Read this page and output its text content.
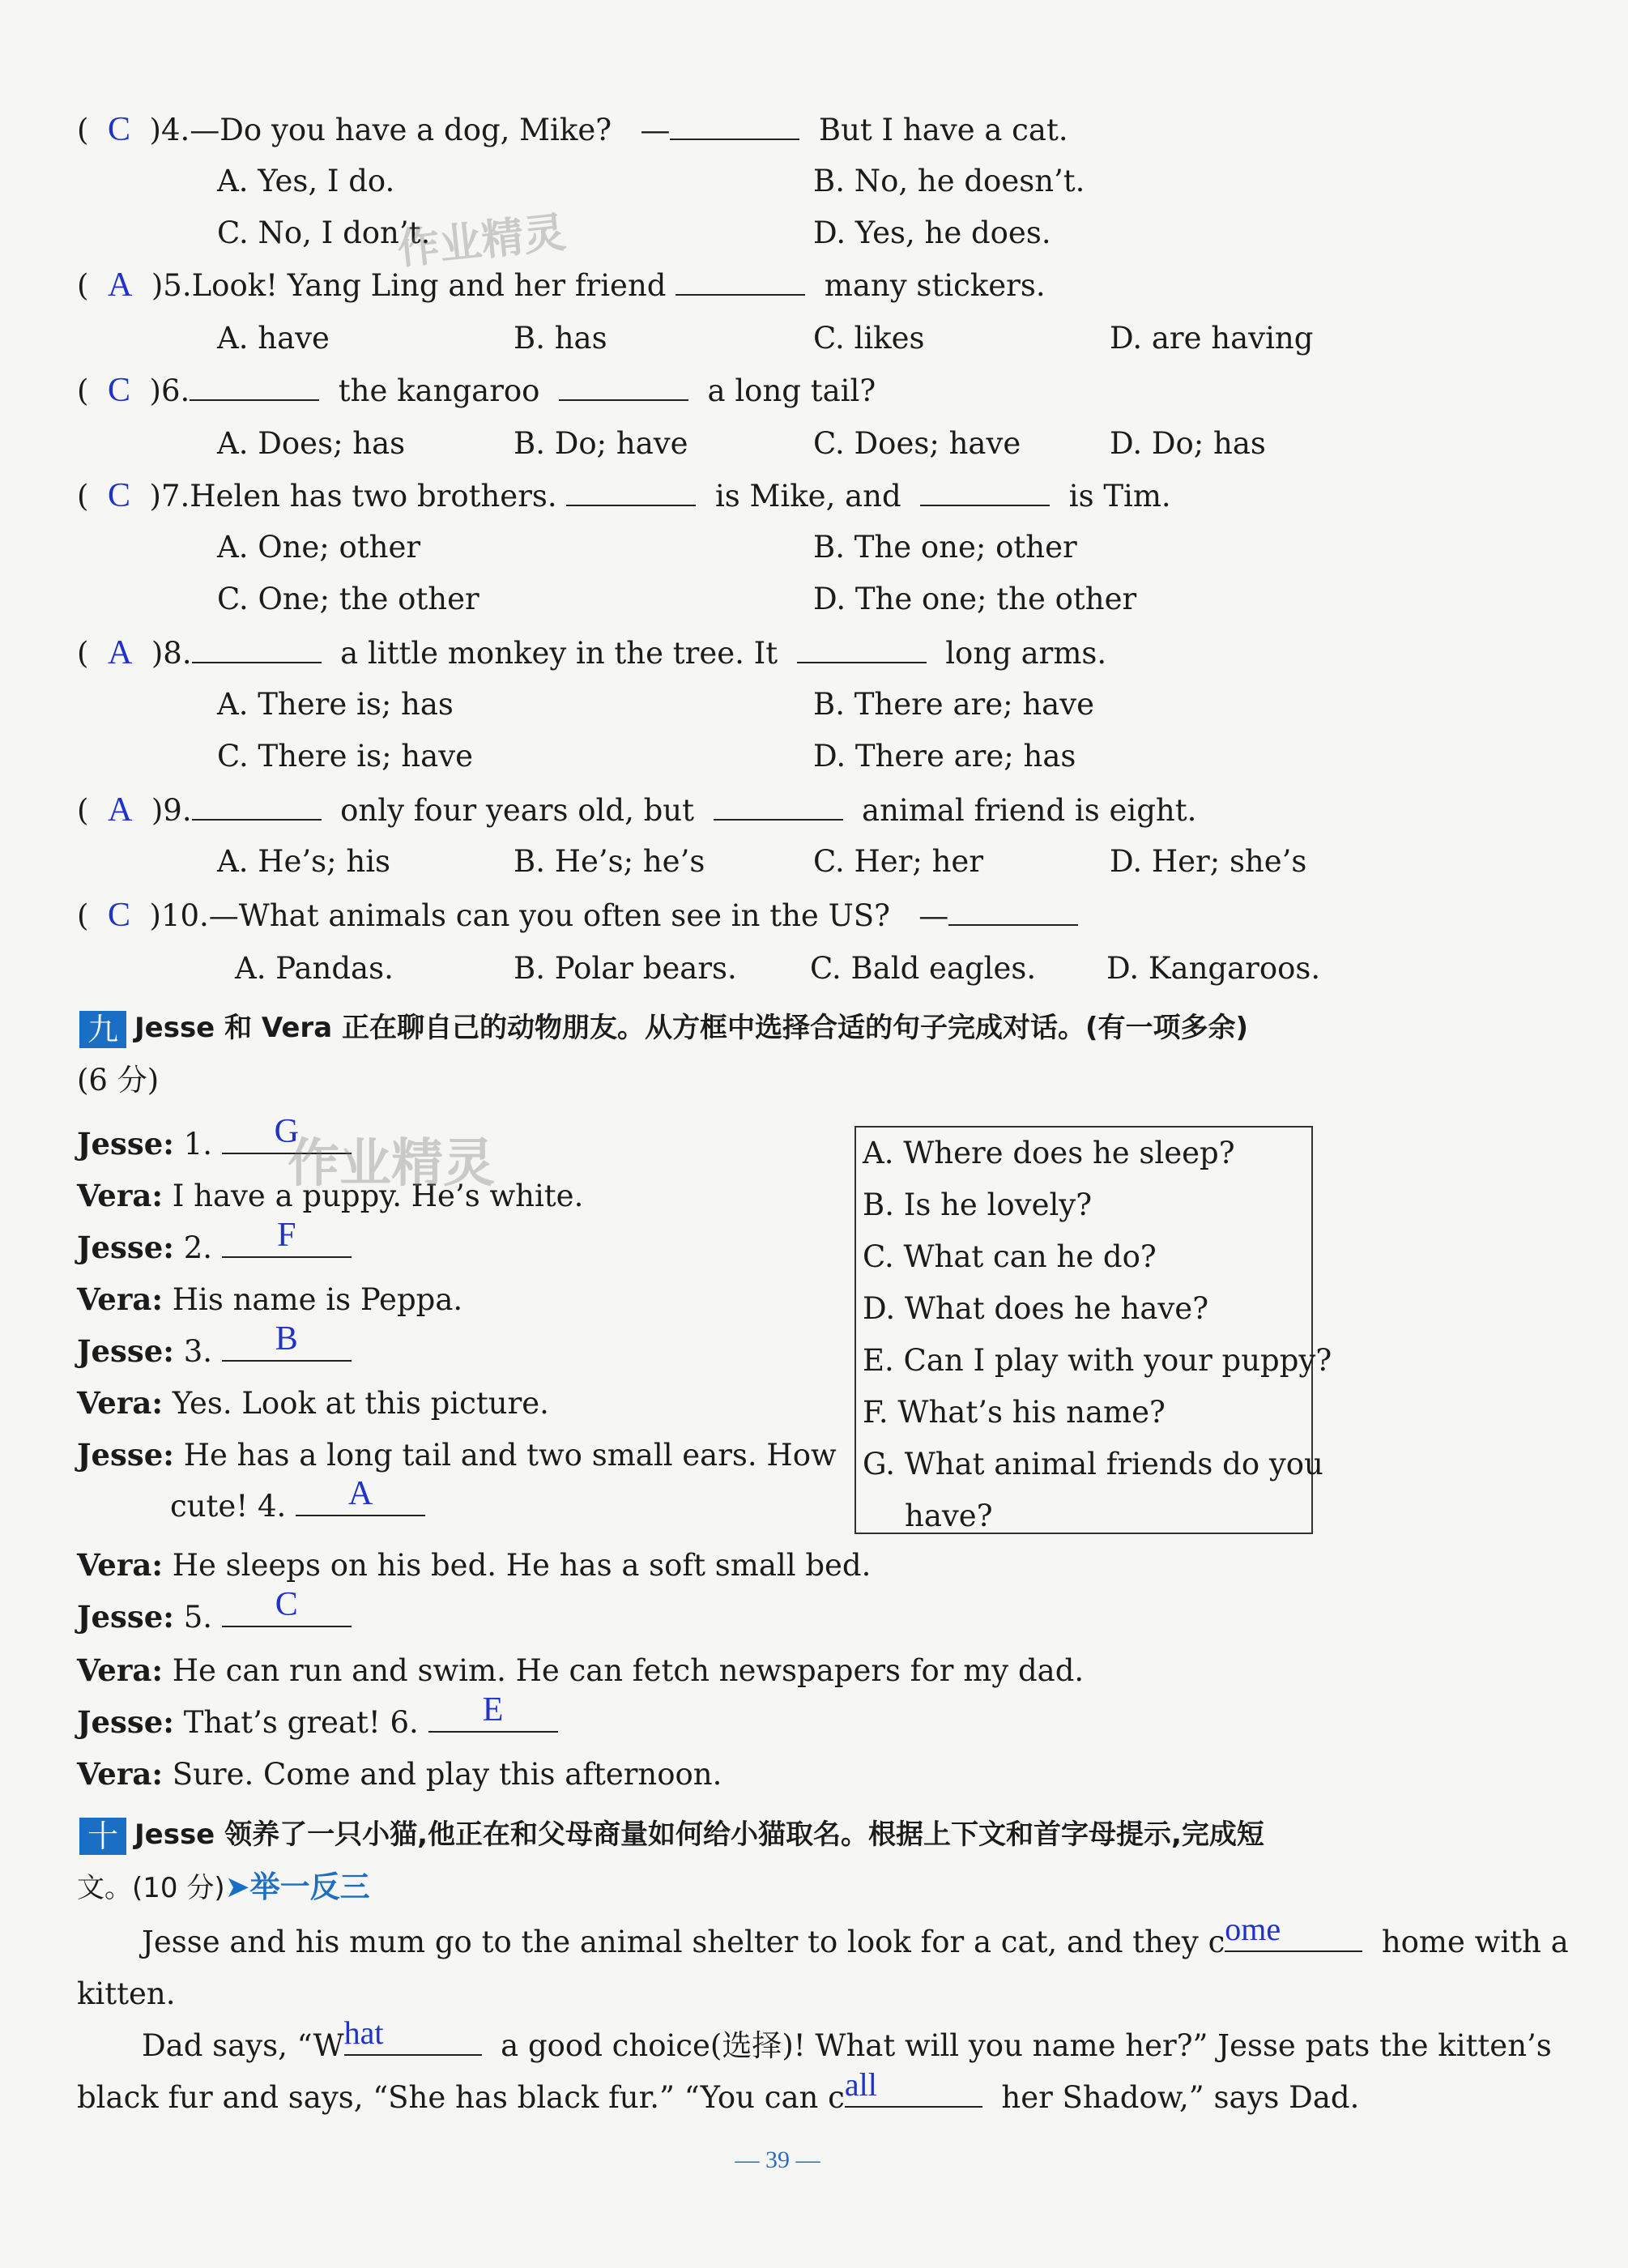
(  C )4.—Do you have a dog, Mike? —	But I have a cat.
A. Yes, I do.	B. No, he doesn’t.
C. No, I don’t.	D. Yes, he does.
(  A )5.Look! Yang Ling and her friend	many stickers.
A. have	B. has	C. likes	D. are having
(  C )6.	the kangaroo	a long tail?
A. Does; has	B. Do; have	C. Does; have	D. Do; has
(  C )7.Helen has two brothers.	is Mike, and	is Tim.
A. One; other	B. The one; other
C. One; the other	D. The one; the other
(  A )8.	a little monkey in the tree. It	long arms.
A. There is; has	B. There are; have
C. There is; have	D. There are; has
(  A )9.	only four years old, but	animal friend is eight.
A. He’s; his	B. He’s; he’s	C. Her; her	D. Her; she’s
(  C )10.—What animals can you often see in the US? —
A. Pandas.	B. Polar bears. C. Bald eagles. D. Kangaroos.
九 Jesse 和 Vera 正在聊自己的动物朋友。从方框中选择合适的句子完成对话。(有一项多余)
(6 分)
Jesse: 1.	G
Vera: I have a puppy. He’s white.
Jesse: 2.	F
Vera: His name is Peppa.
Jesse: 3.	B
Vera: Yes. Look at this picture.
Jesse: He has a long tail and two small ears. How
cute! 4.	A
Vera: He sleeps on his bed. He has a soft small bed.
Jesse: 5.	C
Vera: He can run and swim. He can fetch newspapers for my dad.
Jesse: That’s great! 6.	E
Vera: Sure. Come and play this afternoon.
A. Where does he sleep?
B. Is he lovely?
C. What can he do?
D. What does he have?
E. Can I play with your puppy?
F. What’s his name?
G. What animal friends do you
have?
十 Jesse 领养了一只小猫,他正在和父母商量如何给小猫取名。根据上下文和首字母提示,完成短
文。(10 分)➤举一反三
Jesse and his mum go to the animal shelter to look for a cat, and they c ome	home with a
kitten.
Dad says, “W hat	a good choice(选择)! What will you name her?” Jesse pats the kitten’s
black fur and says, “She has black fur.” “You can c all	her Shadow,” says Dad.
— 39 —
作业精灵
作业精灵
